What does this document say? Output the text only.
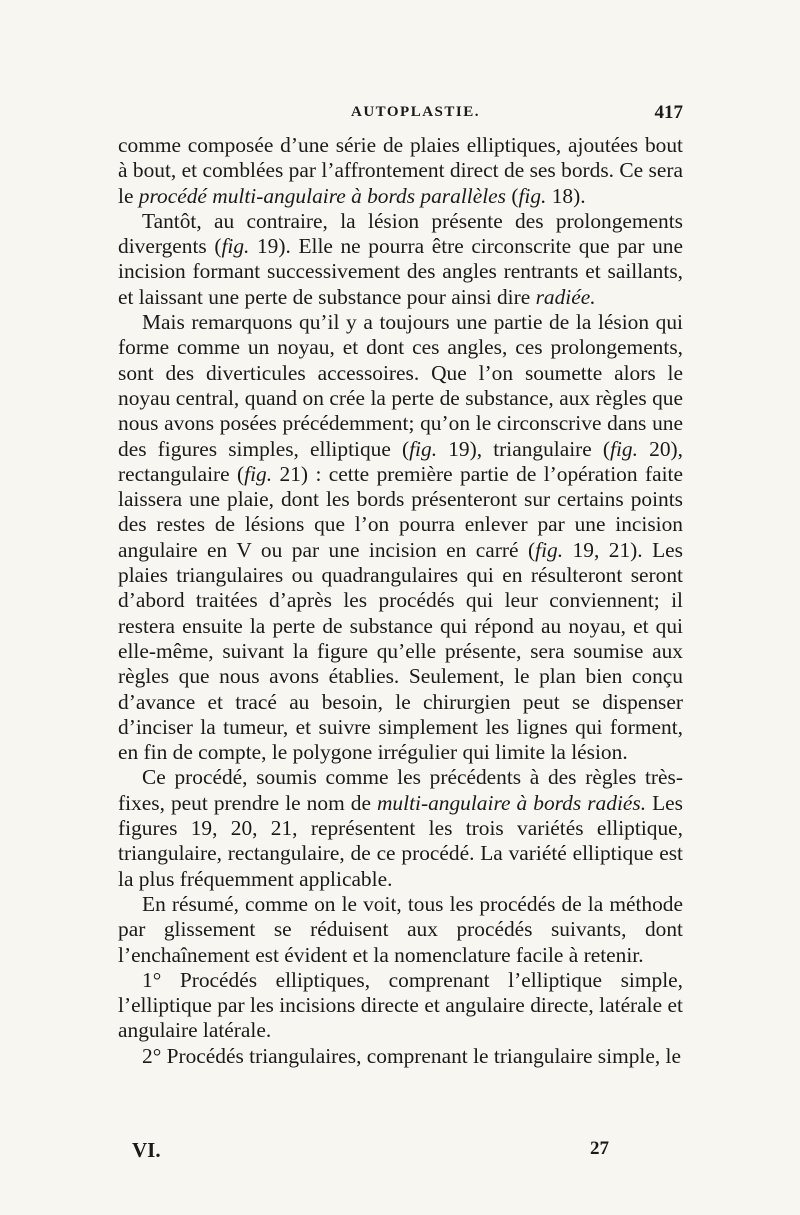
AUTOPLASTIE.	417

comme composée d’une série de plaies elliptiques, ajoutées bout à bout, et comblées par l’affrontement direct de ses bords. Ce sera le procédé multi-angulaire à bords parallèles (fig. 18).

Tantôt, au contraire, la lésion présente des prolongements divergents (fig. 19). Elle ne pourra être circonscrite que par une incision formant successivement des angles rentrants et saillants, et laissant une perte de substance pour ainsi dire radiée.

Mais remarquons qu’il y a toujours une partie de la lésion qui forme comme un noyau, et dont ces angles, ces prolongements, sont des diverticules accessoires. Que l’on soumette alors le noyau central, quand on crée la perte de substance, aux règles que nous avons posées précédemment; qu’on le circonscrive dans une des figures simples, elliptique (fig. 19), triangulaire (fig. 20), rectangulaire (fig. 21) : cette première partie de l’opération faite laissera une plaie, dont les bords présenteront sur certains points des restes de lésions que l’on pourra enlever par une incision angulaire en V ou par une incision en carré (fig. 19, 21). Les plaies triangulaires ou quadrangulaires qui en résulteront seront d’abord traitées d’après les procédés qui leur conviennent; il restera ensuite la perte de substance qui répond au noyau, et qui elle-même, suivant la figure qu’elle présente, sera soumise aux règles que nous avons établies. Seulement, le plan bien conçu d’avance et tracé au besoin, le chirurgien peut se dispenser d’inciser la tumeur, et suivre simplement les lignes qui forment, en fin de compte, le polygone irrégulier qui limite la lésion.

Ce procédé, soumis comme les précédents à des règles très-fixes, peut prendre le nom de multi-angulaire à bords radiés. Les figures 19, 20, 21, représentent les trois variétés elliptique, triangulaire, rectangulaire, de ce procédé. La variété elliptique est la plus fréquemment applicable.

En résumé, comme on le voit, tous les procédés de la méthode par glissement se réduisent aux procédés suivants, dont l’enchaînement est évident et la nomenclature facile à retenir.

1° Procédés elliptiques, comprenant l’elliptique simple, l’elliptique par les incisions directe et angulaire directe, latérale et angulaire latérale.

2° Procédés triangulaires, comprenant le triangulaire simple, le

VI.	27
